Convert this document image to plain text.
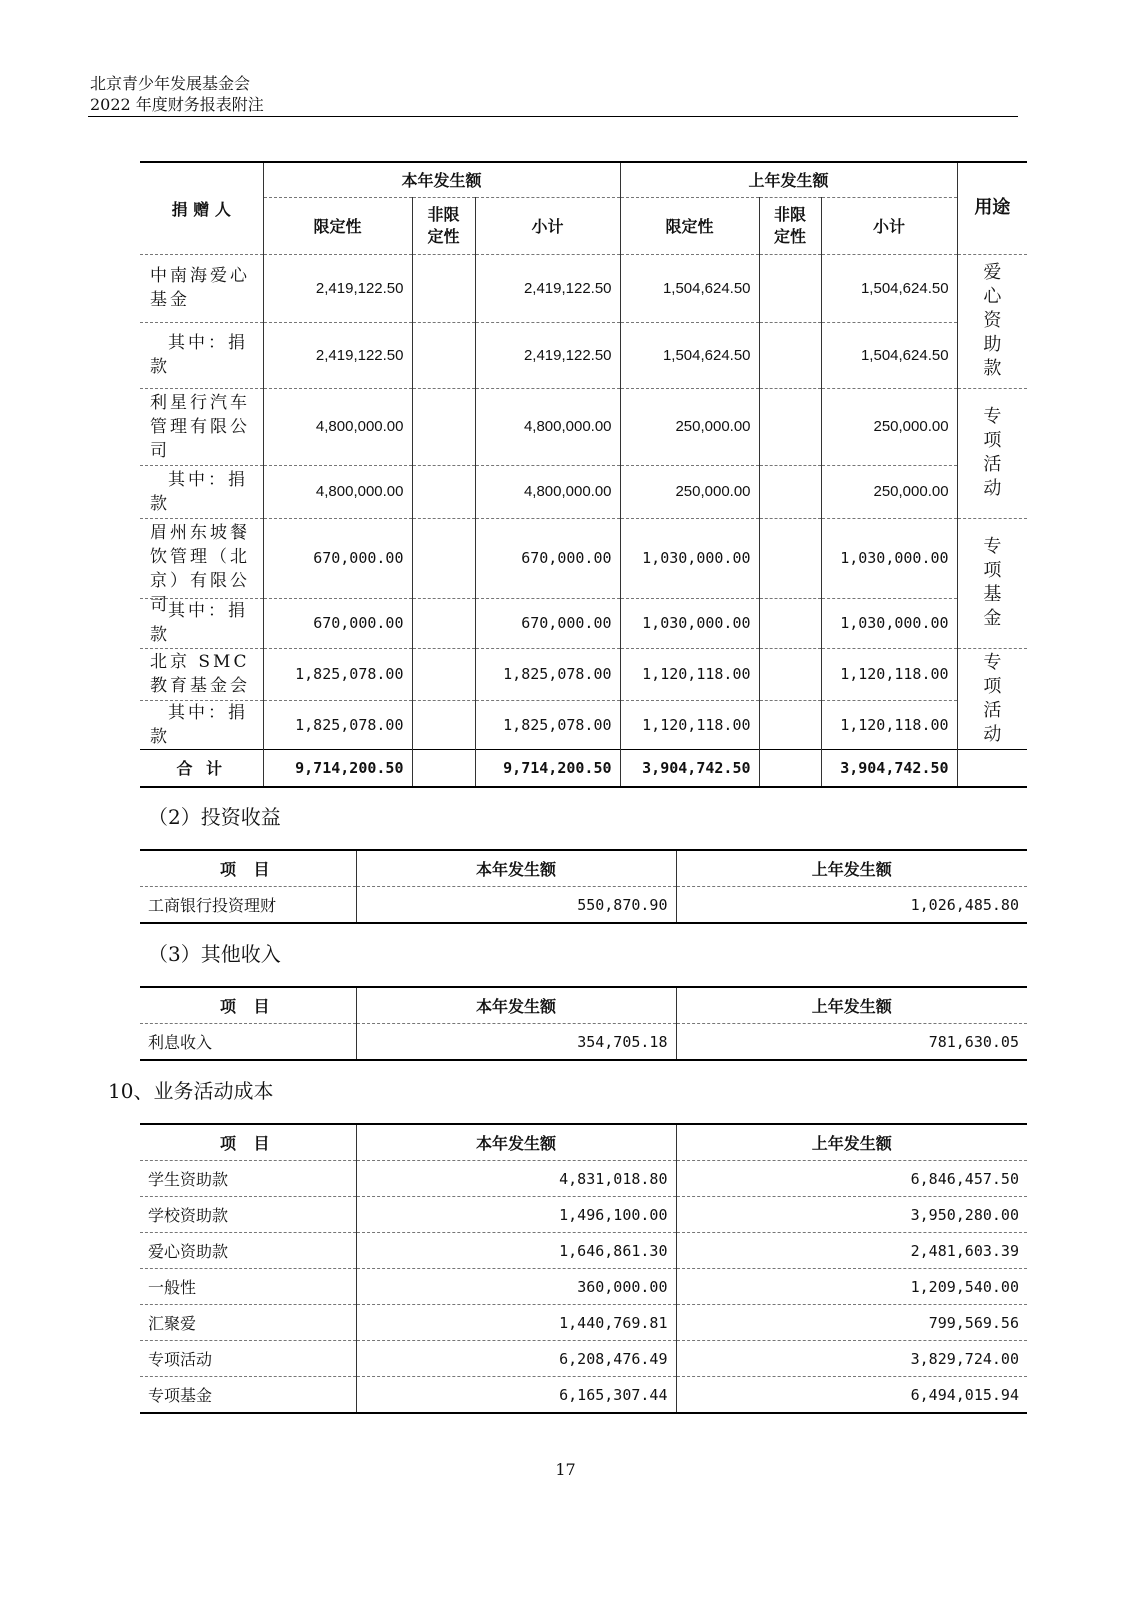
北京青少年发展基金会
2022 年度财务报表附注
捐 赠 人	本年发生额			上年发生额			用途
	限定性	非限定性	小计	限定性	非限定性	小计	
中南海爱心基金	2,419,122.50		2,419,122.50	1,504,624.50		1,504,624.50	爱心资助款

其中：捐款	2,419,122.50		2,419,122.50	1,504,624.50		1,504,624.50	
利星行汽车管理有限公司	4,800,000.00		4,800,000.00	250,000.00		250,000.00	专项活动

其中：捐款	4,800,000.00		4,800,000.00	250,000.00		250,000.00	

眉州东坡餐饮管理（北京）有限公司	670,000.00		670,000.00	1,030,000.00		1,030,000.00	专项基金

其中：捐款	670,000.00		670,000.00	1,030,000.00		1,030,000.00	
北京 SMC 教育基金会	1,825,078.00		1,825,078.00	1,120,118.00		1,120,118.00	专项活动

其中：捐款	1,825,078.00		1,825,078.00	1,120,118.00		1,120,118.00	
合 计	9,714,200.50		9,714,200.50	3,904,742.50		3,904,742.50	
（2）投资收益
项 目	本年发生额	上年发生额
工商银行投资理财	550,870.90	1,026,485.80
（3）其他收入
项 目	本年发生额	上年发生额
利息收入	354,705.18	781,630.05
10、业务活动成本
项 目	本年发生额	上年发生额
学生资助款	4,831,018.80	6,846,457.50
学校资助款	1,496,100.00	3,950,280.00
爱心资助款	1,646,861.30	2,481,603.39
一般性	360,000.00	1,209,540.00
汇聚爱	1,440,769.81	799,569.56
专项活动	6,208,476.49	3,829,724.00
专项基金	6,165,307.44	6,494,015.94
17
